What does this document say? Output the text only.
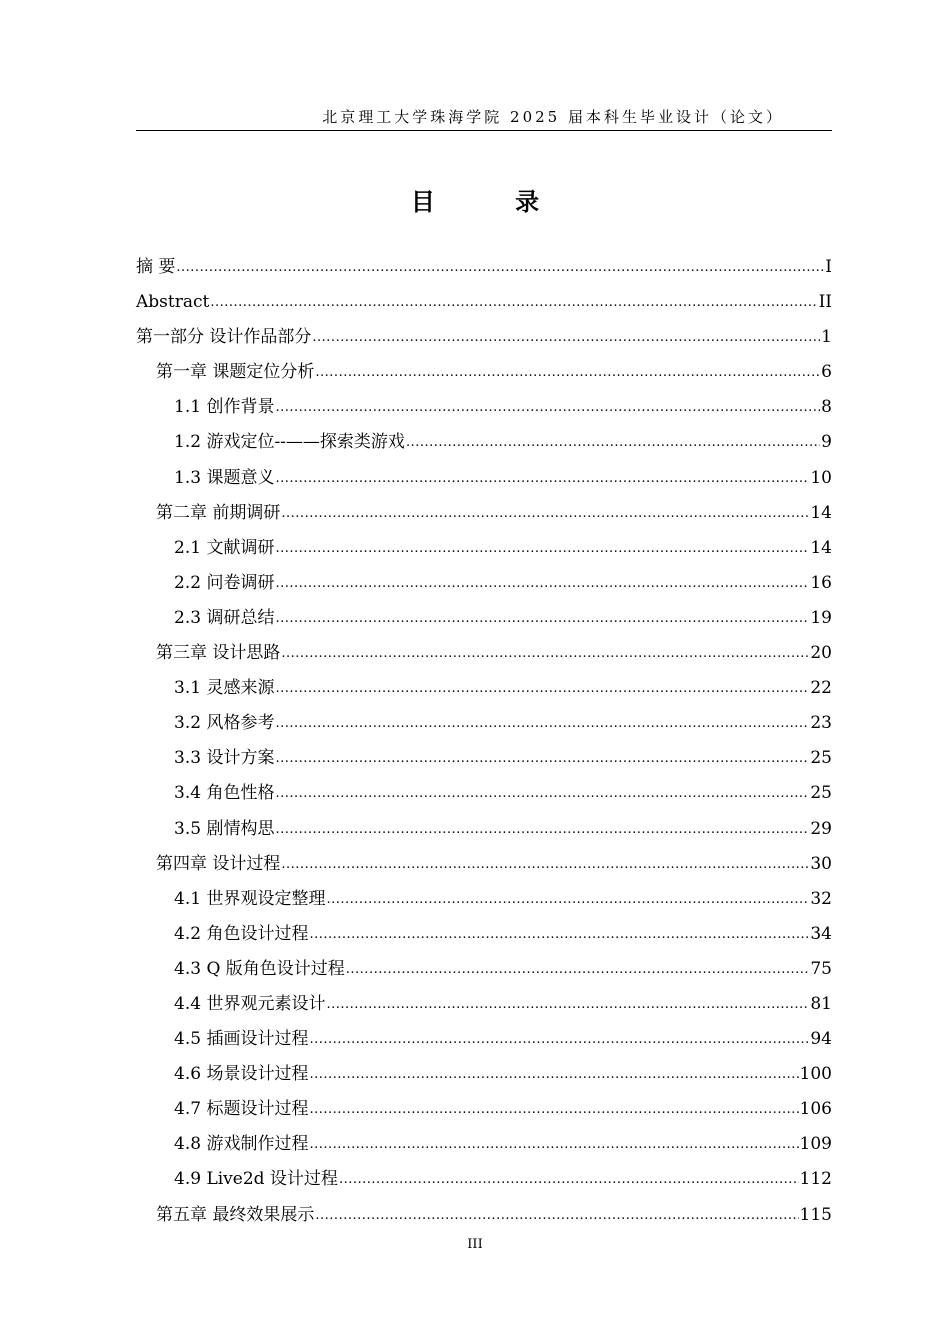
北京理工大学珠海学院 2025 届本科生毕业设计（论文）
目 录
摘 要 .....	I
Abstract .....	II
第一部分 设计作品部分 .....	1
第一章 课题定位分析 .....	6
1.1 创作背景 .....	8
1.2 游戏定位--——探索类游戏 .....	9
1.3 课题意义 .....	10
第二章 前期调研 .....	14
2.1 文献调研 .....	14
2.2 问卷调研 .....	16
2.3 调研总结 .....	19
第三章 设计思路 .....	20
3.1 灵感来源 .....	22
3.2 风格参考 .....	23
3.3 设计方案 .....	25
3.4 角色性格 .....	25
3.5 剧情构思 .....	29
第四章 设计过程 .....	30
4.1 世界观设定整理 .....	32
4.2 角色设计过程 .....	34
4.3 Q 版角色设计过程 .....	75
4.4 世界观元素设计 .....	81
4.5 插画设计过程 .....	94
4.6 场景设计过程 .....	100
4.7 标题设计过程 .....	106
4.8 游戏制作过程 .....	109
4.9 Live2d 设计过程 .....	112
第五章 最终效果展示 .....	115
III
